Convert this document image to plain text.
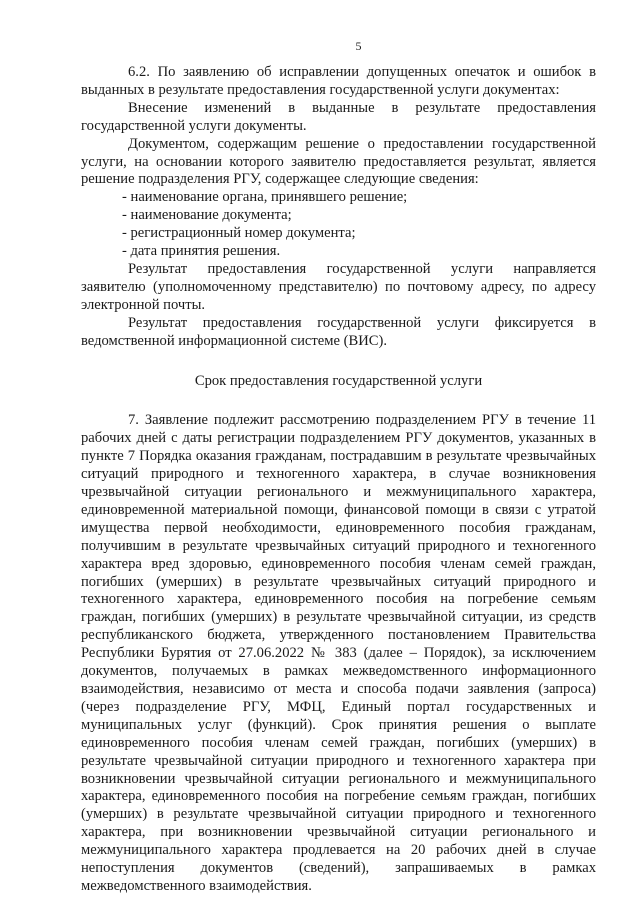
5

6.2. По заявлению об исправлении допущенных опечаток и ошибок в выданных в результате предоставления государственной услуги документах:

Внесение изменений в выданные в результате предоставления государственной услуги документы.

Документом, содержащим решение о предоставлении государственной услуги, на основании которого заявителю предоставляется результат, является решение подразделения РГУ, содержащее следующие сведения:

- наименование органа, принявшего решение;

- наименование документа;

- регистрационный номер документа;

- дата принятия решения.

Результат предоставления государственной услуги направляется заявителю (уполномоченному представителю) по почтовому адресу, по адресу электронной почты.

Результат предоставления государственной услуги фиксируется в ведомственной информационной системе (ВИС).

Срок предоставления государственной услуги

7. Заявление подлежит рассмотрению подразделением РГУ в течение 11 рабочих дней с даты регистрации подразделением РГУ документов, указанных в пункте 7 Порядка оказания гражданам, пострадавшим в результате чрезвычайных ситуаций природного и техногенного характера, в случае возникновения чрезвычайной ситуации регионального и межмуниципального характера, единовременной материальной помощи, финансовой помощи в связи с утратой имущества первой необходимости, единовременного пособия гражданам, получившим в результате чрезвычайных ситуаций природного и техногенного характера вред здоровью, единовременного пособия членам семей граждан, погибших (умерших) в результате чрезвычайных ситуаций природного и техногенного характера, единовременного пособия на погребение семьям граждан, погибших (умерших) в результате чрезвычайной ситуации, из средств республиканского бюджета, утвержденного постановлением Правительства Республики Бурятия от 27.06.2022 № 383 (далее – Порядок), за исключением документов, получаемых в рамках межведомственного информационного взаимодействия, независимо от места и способа подачи заявления (запроса) (через подразделение РГУ, МФЦ, Единый портал государственных и муниципальных услуг (функций). Срок принятия решения о выплате единовременного пособия членам семей граждан, погибших (умерших) в результате чрезвычайной ситуации природного и техногенного характера при возникновении чрезвычайной ситуации регионального и межмуниципального характера, единовременного пособия на погребение семьям граждан, погибших (умерших) в результате чрезвычайной ситуации природного и техногенного характера, при возникновении чрезвычайной ситуации регионального и межмуниципального характера продлевается на 20 рабочих дней в случае непоступления документов (сведений), запрашиваемых в рамках межведомственного взаимодействия.
